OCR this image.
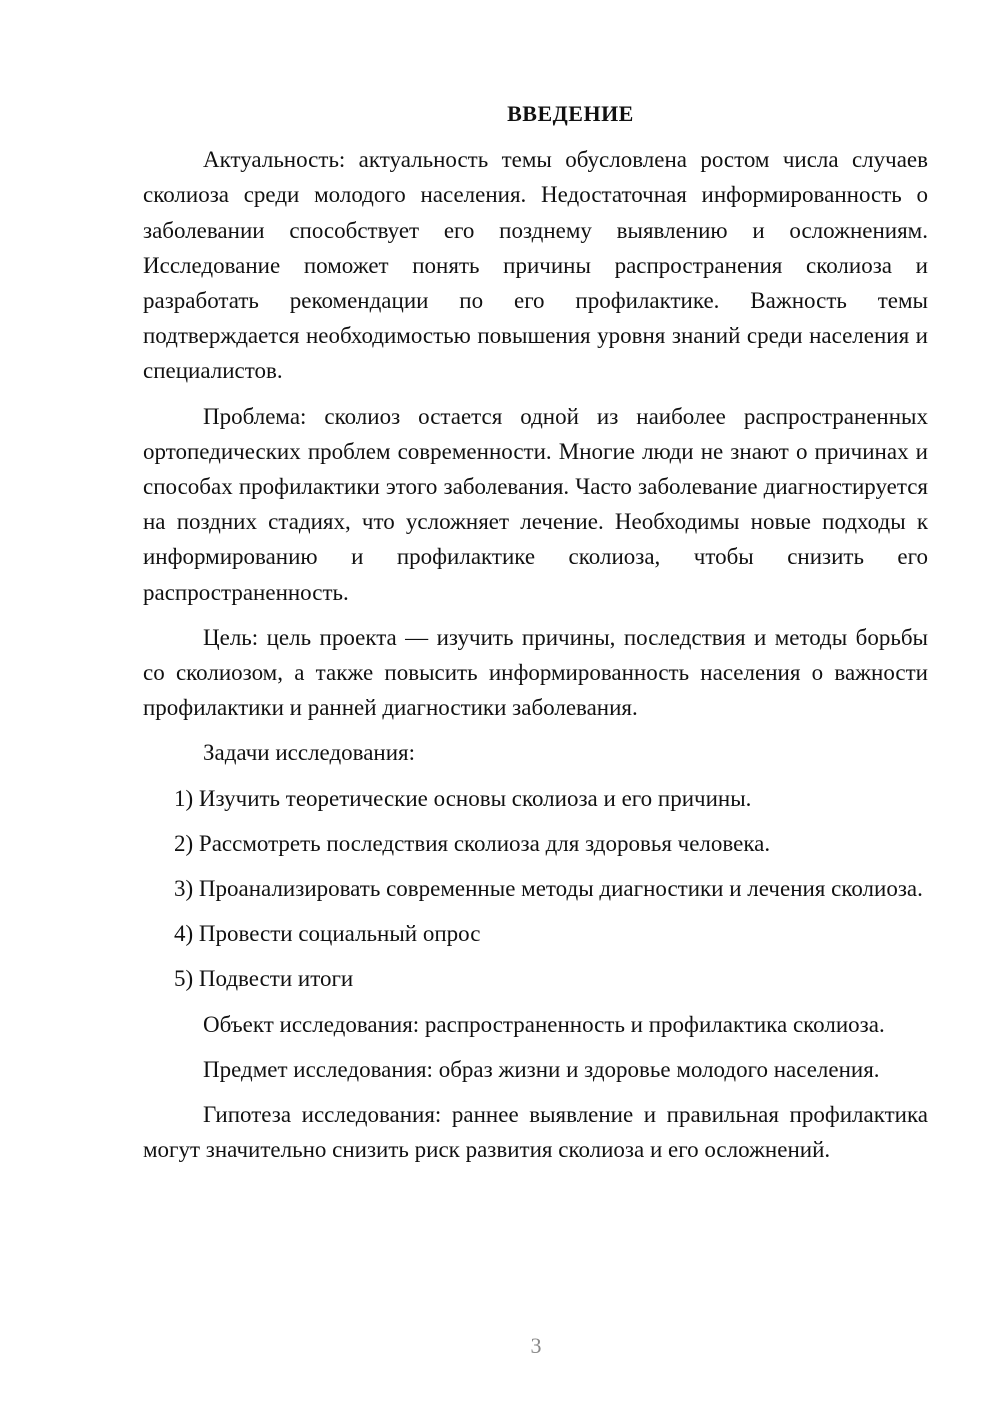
ВВЕДЕНИЕ

Актуальность: актуальность темы обусловлена ростом числа случаев сколиоза среди молодого населения. Недостаточная информированность о заболевании способствует его позднему выявлению и осложнениям. Исследование поможет понять причины распространения сколиоза и разработать рекомендации по его профилактике. Важность темы подтверждается необходимостью повышения уровня знаний среди населения и специалистов.

Проблема: сколиоз остается одной из наиболее распространенных ортопедических проблем современности. Многие люди не знают о причинах и способах профилактики этого заболевания. Часто заболевание диагностируется на поздних стадиях, что усложняет лечение. Необходимы новые подходы к информированию и профилактике сколиоза, чтобы снизить его распространенность.

Цель: цель проекта — изучить причины, последствия и методы борьбы со сколиозом, а также повысить информированность населения о важности профилактики и ранней диагностики заболевания.

Задачи исследования:

1) Изучить теоретические основы сколиоза и его причины.

2) Рассмотреть последствия сколиоза для здоровья человека.

3) Проанализировать современные методы диагностики и лечения сколиоза.

4) Провести социальный опрос

5) Подвести итоги

Объект исследования: распространенность и профилактика сколиоза.

Предмет исследования: образ жизни и здоровье молодого населения.

Гипотеза исследования: раннее выявление и правильная профилактика могут значительно снизить риск развития сколиоза и его осложнений.

3
